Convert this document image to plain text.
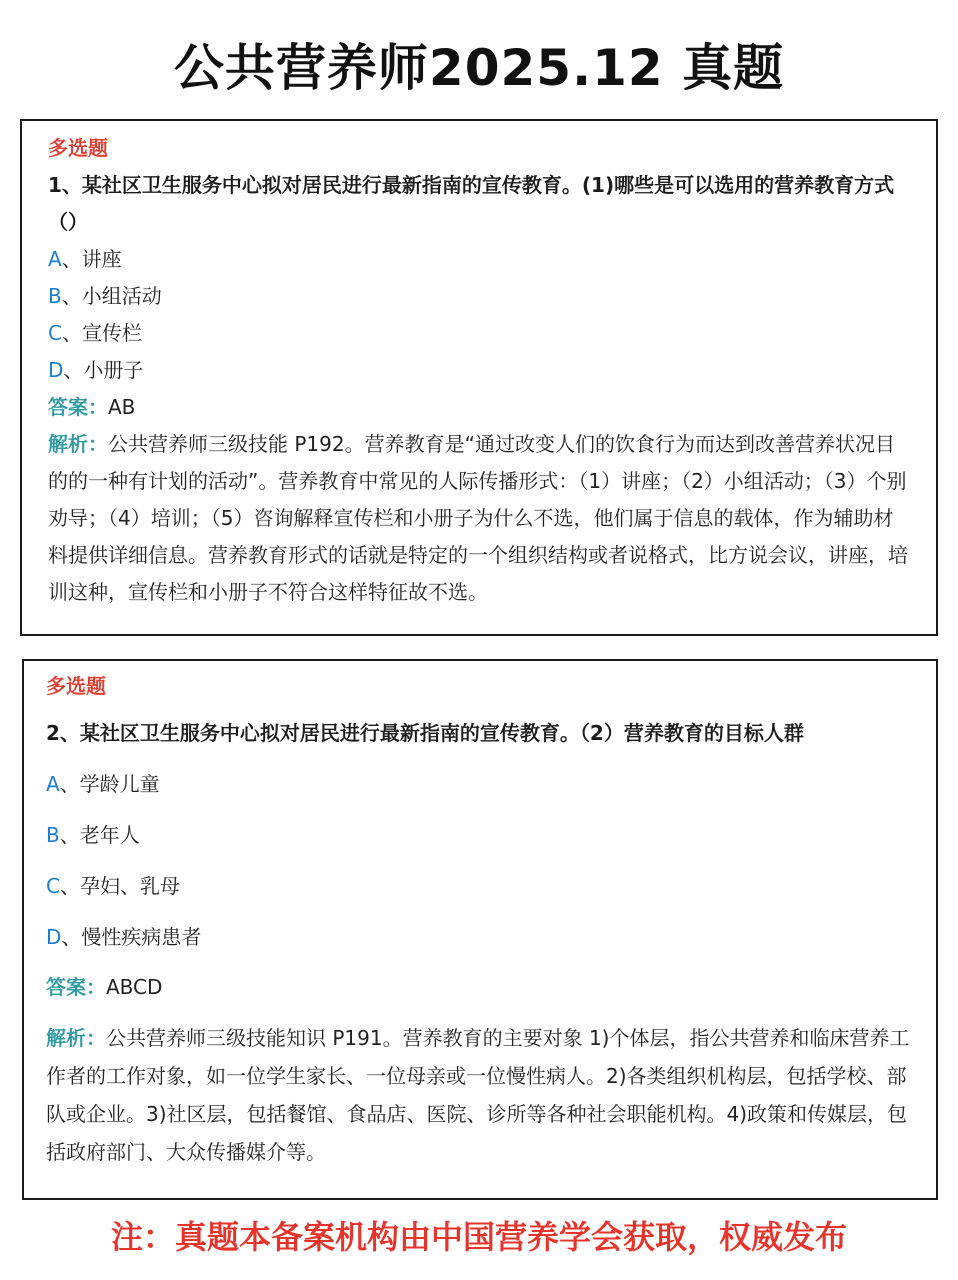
公共营养师2025.12 真题
多选题
1、某社区卫生服务中心拟对居民进行最新指南的宣传教育。(1)哪些是可以选用的营养教育方式（）
A、讲座
B、小组活动
C、宣传栏
D、小册子
答案：AB
解析：公共营养师三级技能 P192。营养教育是“通过改变人们的饮食行为而达到改善营养状况目的的一种有计划的活动”。营养教育中常见的人际传播形式：（1）讲座；（2）小组活动；（3）个别劝导；（4）培训；（5）咨询解释宣传栏和小册子为什么不选，他们属于信息的载体，作为辅助材料提供详细信息。营养教育形式的话就是特定的一个组织结构或者说格式，比方说会议，讲座，培训这种，宣传栏和小册子不符合这样特征故不选。
多选题
2、某社区卫生服务中心拟对居民进行最新指南的宣传教育。（2）营养教育的目标人群
A、学龄儿童
B、老年人
C、孕妇、乳母
D、慢性疾病患者
答案：ABCD
解析：公共营养师三级技能知识 P191。营养教育的主要对象 1)个体层，指公共营养和临床营养工作者的工作对象，如一位学生家长、一位母亲或一位慢性病人。2)各类组织机构层，包括学校、部队或企业。3)社区层，包括餐馆、食品店、医院、诊所等各种社会职能机构。4)政策和传媒层，包括政府部门、大众传播媒介等。
注：真题本备案机构由中国营养学会获取，权威发布
